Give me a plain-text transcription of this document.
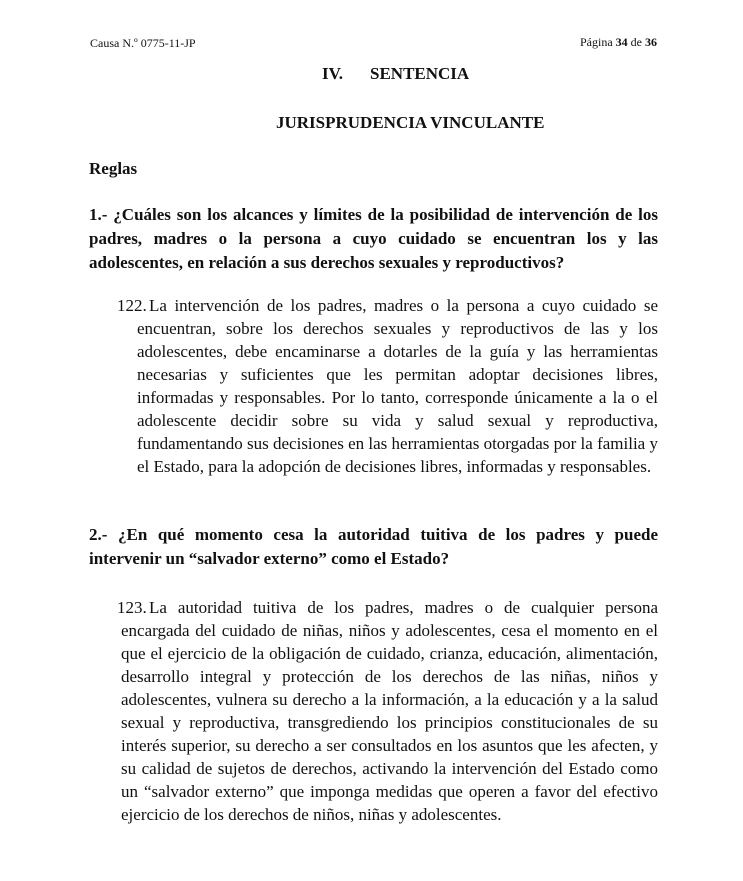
Causa N.º 0775-11-JP	Página 34 de 36
IV. SENTENCIA
JURISPRUDENCIA VINCULANTE
Reglas
1.- ¿Cuáles son los alcances y límites de la posibilidad de intervención de los padres, madres o la persona a cuyo cuidado se encuentran los y las adolescentes, en relación a sus derechos sexuales y reproductivos?
122. La intervención de los padres, madres o la persona a cuyo cuidado se encuentran, sobre los derechos sexuales y reproductivos de las y los adolescentes, debe encaminarse a dotarles de la guía y las herramientas necesarias y suficientes que les permitan adoptar decisiones libres, informadas y responsables. Por lo tanto, corresponde únicamente a la o el adolescente decidir sobre su vida y salud sexual y reproductiva, fundamentando sus decisiones en las herramientas otorgadas por la familia y el Estado, para la adopción de decisiones libres, informadas y responsables.
2.- ¿En qué momento cesa la autoridad tuitiva de los padres y puede intervenir un “salvador externo” como el Estado?
123. La autoridad tuitiva de los padres, madres o de cualquier persona encargada del cuidado de niñas, niños y adolescentes, cesa el momento en el que el ejercicio de la obligación de cuidado, crianza, educación, alimentación, desarrollo integral y protección de los derechos de las niñas, niños y adolescentes, vulnera su derecho a la información, a la educación y a la salud sexual y reproductiva, transgrediendo los principios constitucionales de su interés superior, su derecho a ser consultados en los asuntos que les afecten, y su calidad de sujetos de derechos, activando la intervención del Estado como un “salvador externo” que imponga medidas que operen a favor del efectivo ejercicio de los derechos de niños, niñas y adolescentes.
